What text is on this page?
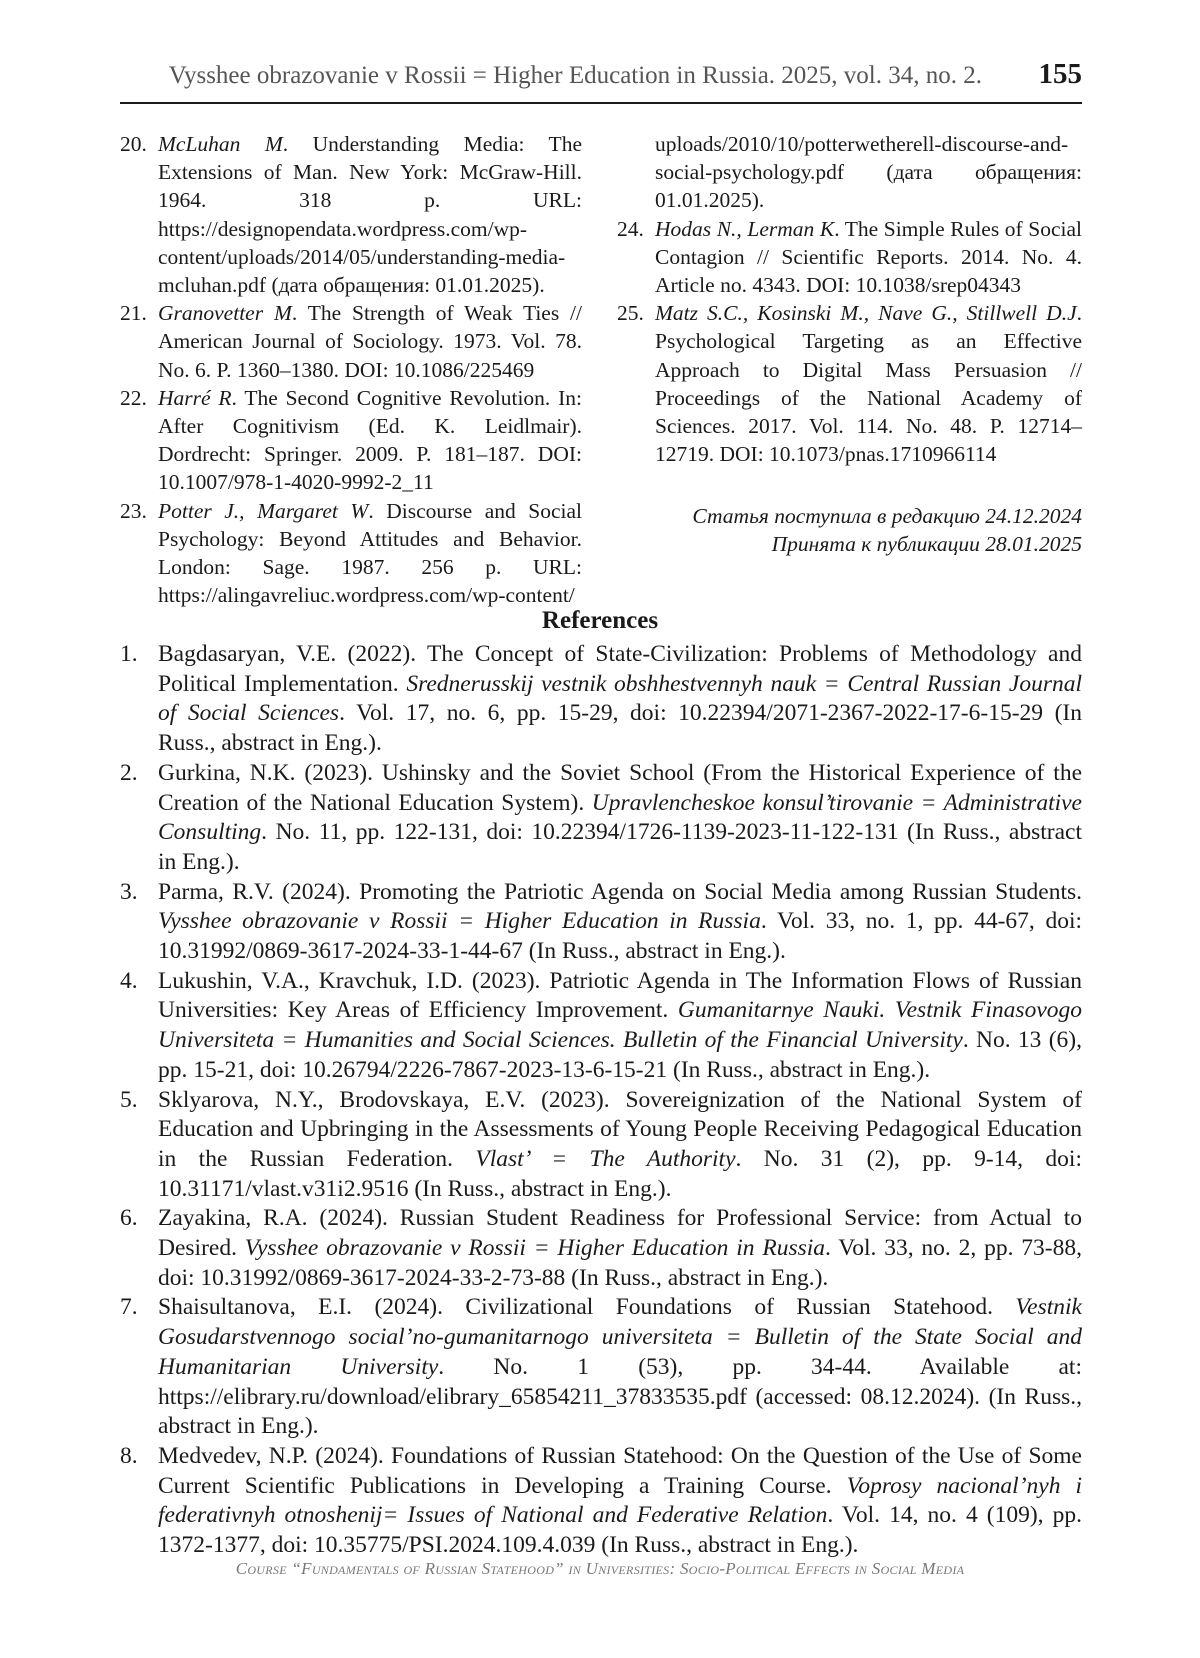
Vysshee obrazovanie v Rossii = Higher Education in Russia. 2025, vol. 34, no. 2. 155
20. McLuhan M. Understanding Media: The Extensions of Man. New York: McGraw-Hill. 1964. 318 p. URL: https://designopendata.wordpress.com/wp-content/uploads/2014/05/understanding-media-mcluhan.pdf (дата обращения: 01.01.2025).
21. Granovetter M. The Strength of Weak Ties // American Journal of Sociology. 1973. Vol. 78. No. 6. P. 1360–1380. DOI: 10.1086/225469
22. Harré R. The Second Cognitive Revolution. In: After Cognitivism (Ed. K. Leidlmair). Dordrecht: Springer. 2009. P. 181–187. DOI: 10.1007/978-1-4020-9992-2_11
23. Potter J., Margaret W. Discourse and Social Psychology: Beyond Attitudes and Behavior. London: Sage. 1987. 256 p. URL: https://alingavreliuc.wordpress.com/wp-content/
uploads/2010/10/potterwetherell-discourse-and-social-psychology.pdf (дата обращения: 01.01.2025).
24. Hodas N., Lerman K. The Simple Rules of Social Contagion // Scientific Reports. 2014. No. 4. Article no. 4343. DOI: 10.1038/srep04343
25. Matz S.C., Kosinski M., Nave G., Stillwell D.J. Psychological Targeting as an Effective Approach to Digital Mass Persuasion // Proceedings of the National Academy of Sciences. 2017. Vol. 114. No. 48. P. 12714–12719. DOI: 10.1073/pnas.1710966114
Статья поступила в редакцию 24.12.2024
Принята к публикации 28.01.2025
References
1. Bagdasaryan, V.E. (2022). The Concept of State-Civilization: Problems of Methodology and Political Implementation. Srednerusskij vestnik obshhestvennyh nauk = Central Russian Journal of Social Sciences. Vol. 17, no. 6, pp. 15-29, doi: 10.22394/2071-2367-2022-17-6-15-29 (In Russ., abstract in Eng.).
2. Gurkina, N.K. (2023). Ushinsky and the Soviet School (From the Historical Experience of the Creation of the National Education System). Upravlencheskoe konsul’tirovanie = Administrative Consulting. No. 11, pp. 122-131, doi: 10.22394/1726-1139-2023-11-122-131 (In Russ., abstract in Eng.).
3. Parma, R.V. (2024). Promoting the Patriotic Agenda on Social Media among Russian Students. Vysshee obrazovanie v Rossii = Higher Education in Russia. Vol. 33, no. 1, pp. 44-67, doi: 10.31992/0869-3617-2024-33-1-44-67 (In Russ., abstract in Eng.).
4. Lukushin, V.A., Kravchuk, I.D. (2023). Patriotic Agenda in The Information Flows of Russian Universities: Key Areas of Efficiency Improvement. Gumanitarnye Nauki. Vestnik Finasovogo Universiteta = Humanities and Social Sciences. Bulletin of the Financial University. No. 13 (6), pp. 15-21, doi: 10.26794/2226-7867-2023-13-6-15-21 (In Russ., abstract in Eng.).
5. Sklyarova, N.Y., Brodovskaya, E.V. (2023). Sovereignization of the National System of Education and Upbringing in the Assessments of Young People Receiving Pedagogical Education in the Russian Federation. Vlast’ = The Authority. No. 31 (2), pp. 9-14, doi: 10.31171/vlast.v31i2.9516 (In Russ., abstract in Eng.).
6. Zayakina, R.A. (2024). Russian Student Readiness for Professional Service: from Actual to Desired. Vysshee obrazovanie v Rossii = Higher Education in Russia. Vol. 33, no. 2, pp. 73-88, doi: 10.31992/0869-3617-2024-33-2-73-88 (In Russ., abstract in Eng.).
7. Shaisultanova, E.I. (2024). Civilizational Foundations of Russian Statehood. Vestnik Gosudarstvennogo social’no-gumanitarnogo universiteta = Bulletin of the State Social and Humanitarian University. No. 1 (53), pp. 34-44. Available at: https://elibrary.ru/download/elibrary_65854211_37833535.pdf (accessed: 08.12.2024). (In Russ., abstract in Eng.).
8. Medvedev, N.P. (2024). Foundations of Russian Statehood: On the Question of the Use of Some Current Scientific Publications in Developing a Training Course. Voprosy nacional’nyh i federativnyh otnoshenij= Issues of National and Federative Relation. Vol. 14, no. 4 (109), pp. 1372-1377, doi: 10.35775/PSI.2024.109.4.039 (In Russ., abstract in Eng.).
Course “Fundamentals of Russian Statehood” in Universities: Socio-Political Effects in Social Media
